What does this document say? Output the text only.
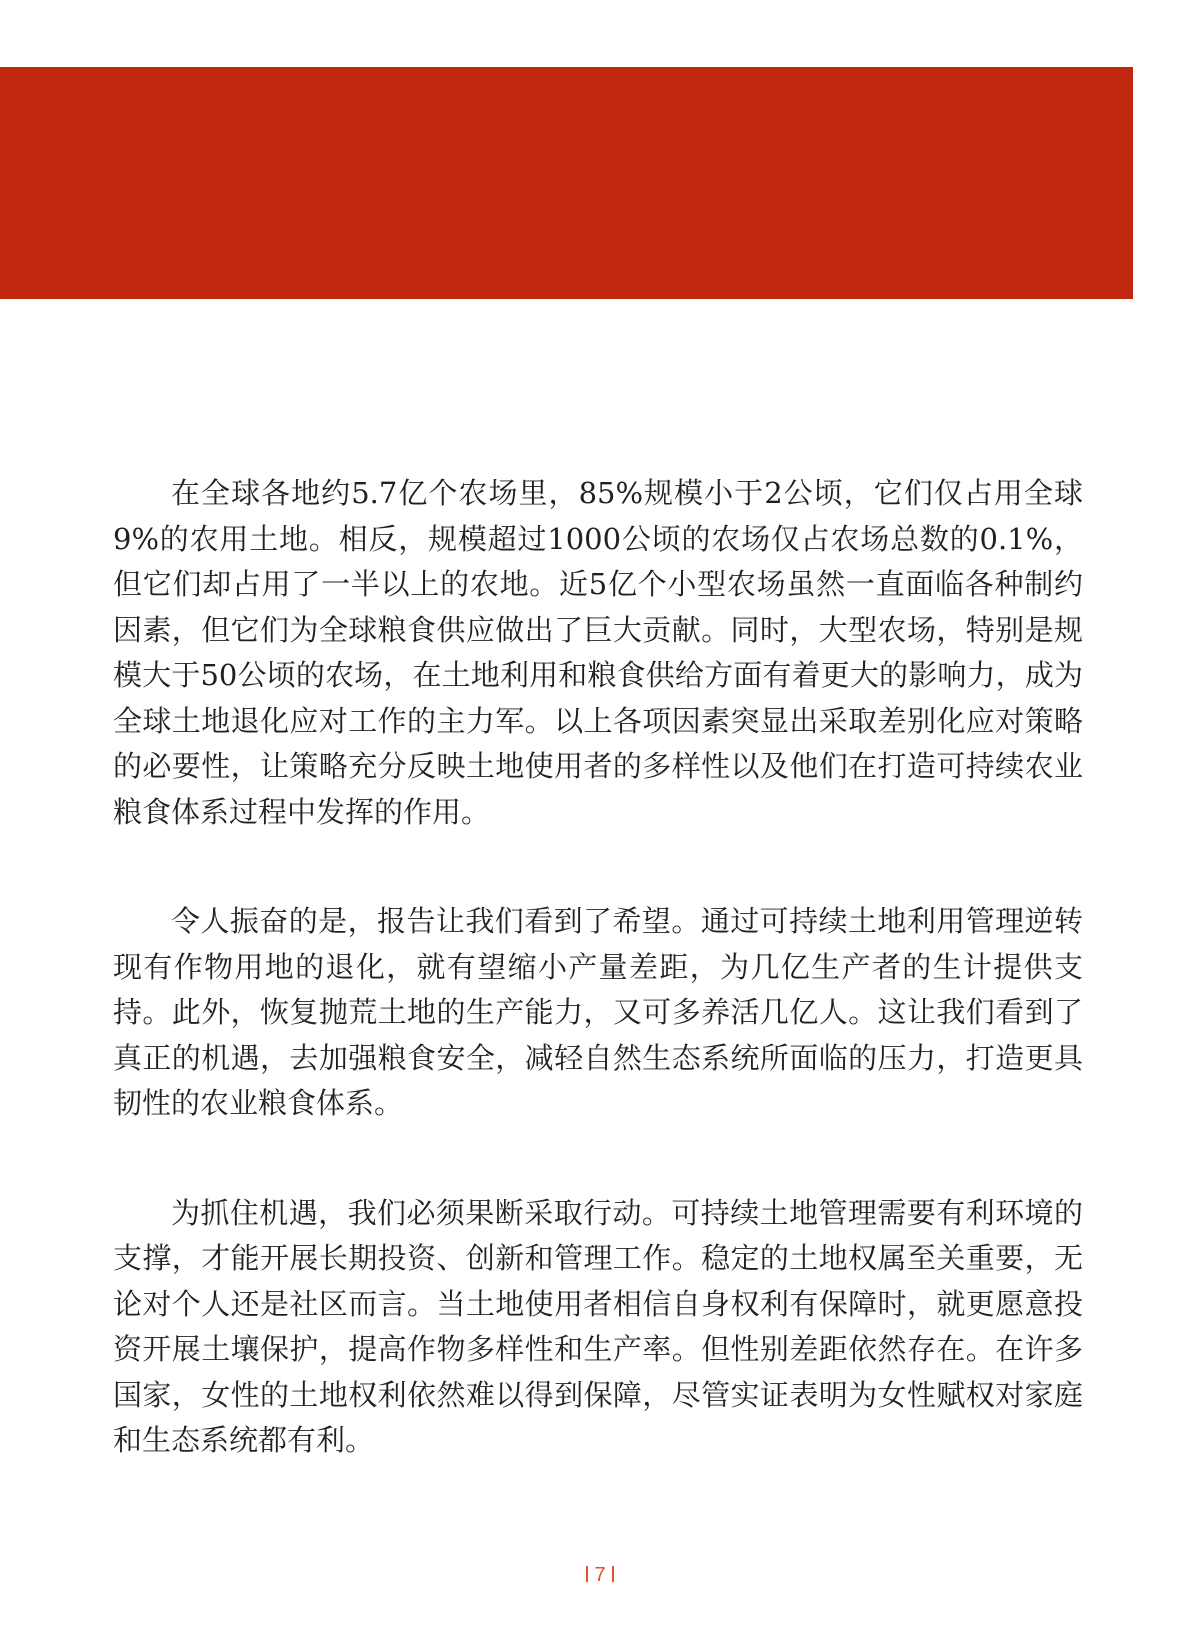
在全球各地约5.7亿个农场里，85%规模小于2公顷，它们仅占用全球9%的农用土地。相反，规模超过1000公顷的农场仅占农场总数的0.1%，但它们却占用了一半以上的农地。近5亿个小型农场虽然一直面临各种制约因素，但它们为全球粮食供应做出了巨大贡献。同时，大型农场，特别是规模大于50公顷的农场，在土地利用和粮食供给方面有着更大的影响力，成为全球土地退化应对工作的主力军。以上各项因素突显出采取差别化应对策略的必要性，让策略充分反映土地使用者的多样性以及他们在打造可持续农业粮食体系过程中发挥的作用。

令人振奋的是，报告让我们看到了希望。通过可持续土地利用管理逆转现有作物用地的退化，就有望缩小产量差距，为几亿生产者的生计提供支持。此外，恢复抛荒土地的生产能力，又可多养活几亿人。这让我们看到了真正的机遇，去加强粮食安全，减轻自然生态系统所面临的压力，打造更具韧性的农业粮食体系。

为抓住机遇，我们必须果断采取行动。可持续土地管理需要有利环境的支撑，才能开展长期投资、创新和管理工作。稳定的土地权属至关重要，无论对个人还是社区而言。当土地使用者相信自身权利有保障时，就更愿意投资开展土壤保护，提高作物多样性和生产率。但性别差距依然存在。在许多国家，女性的土地权利依然难以得到保障，尽管实证表明为女性赋权对家庭和生态系统都有利。

7
